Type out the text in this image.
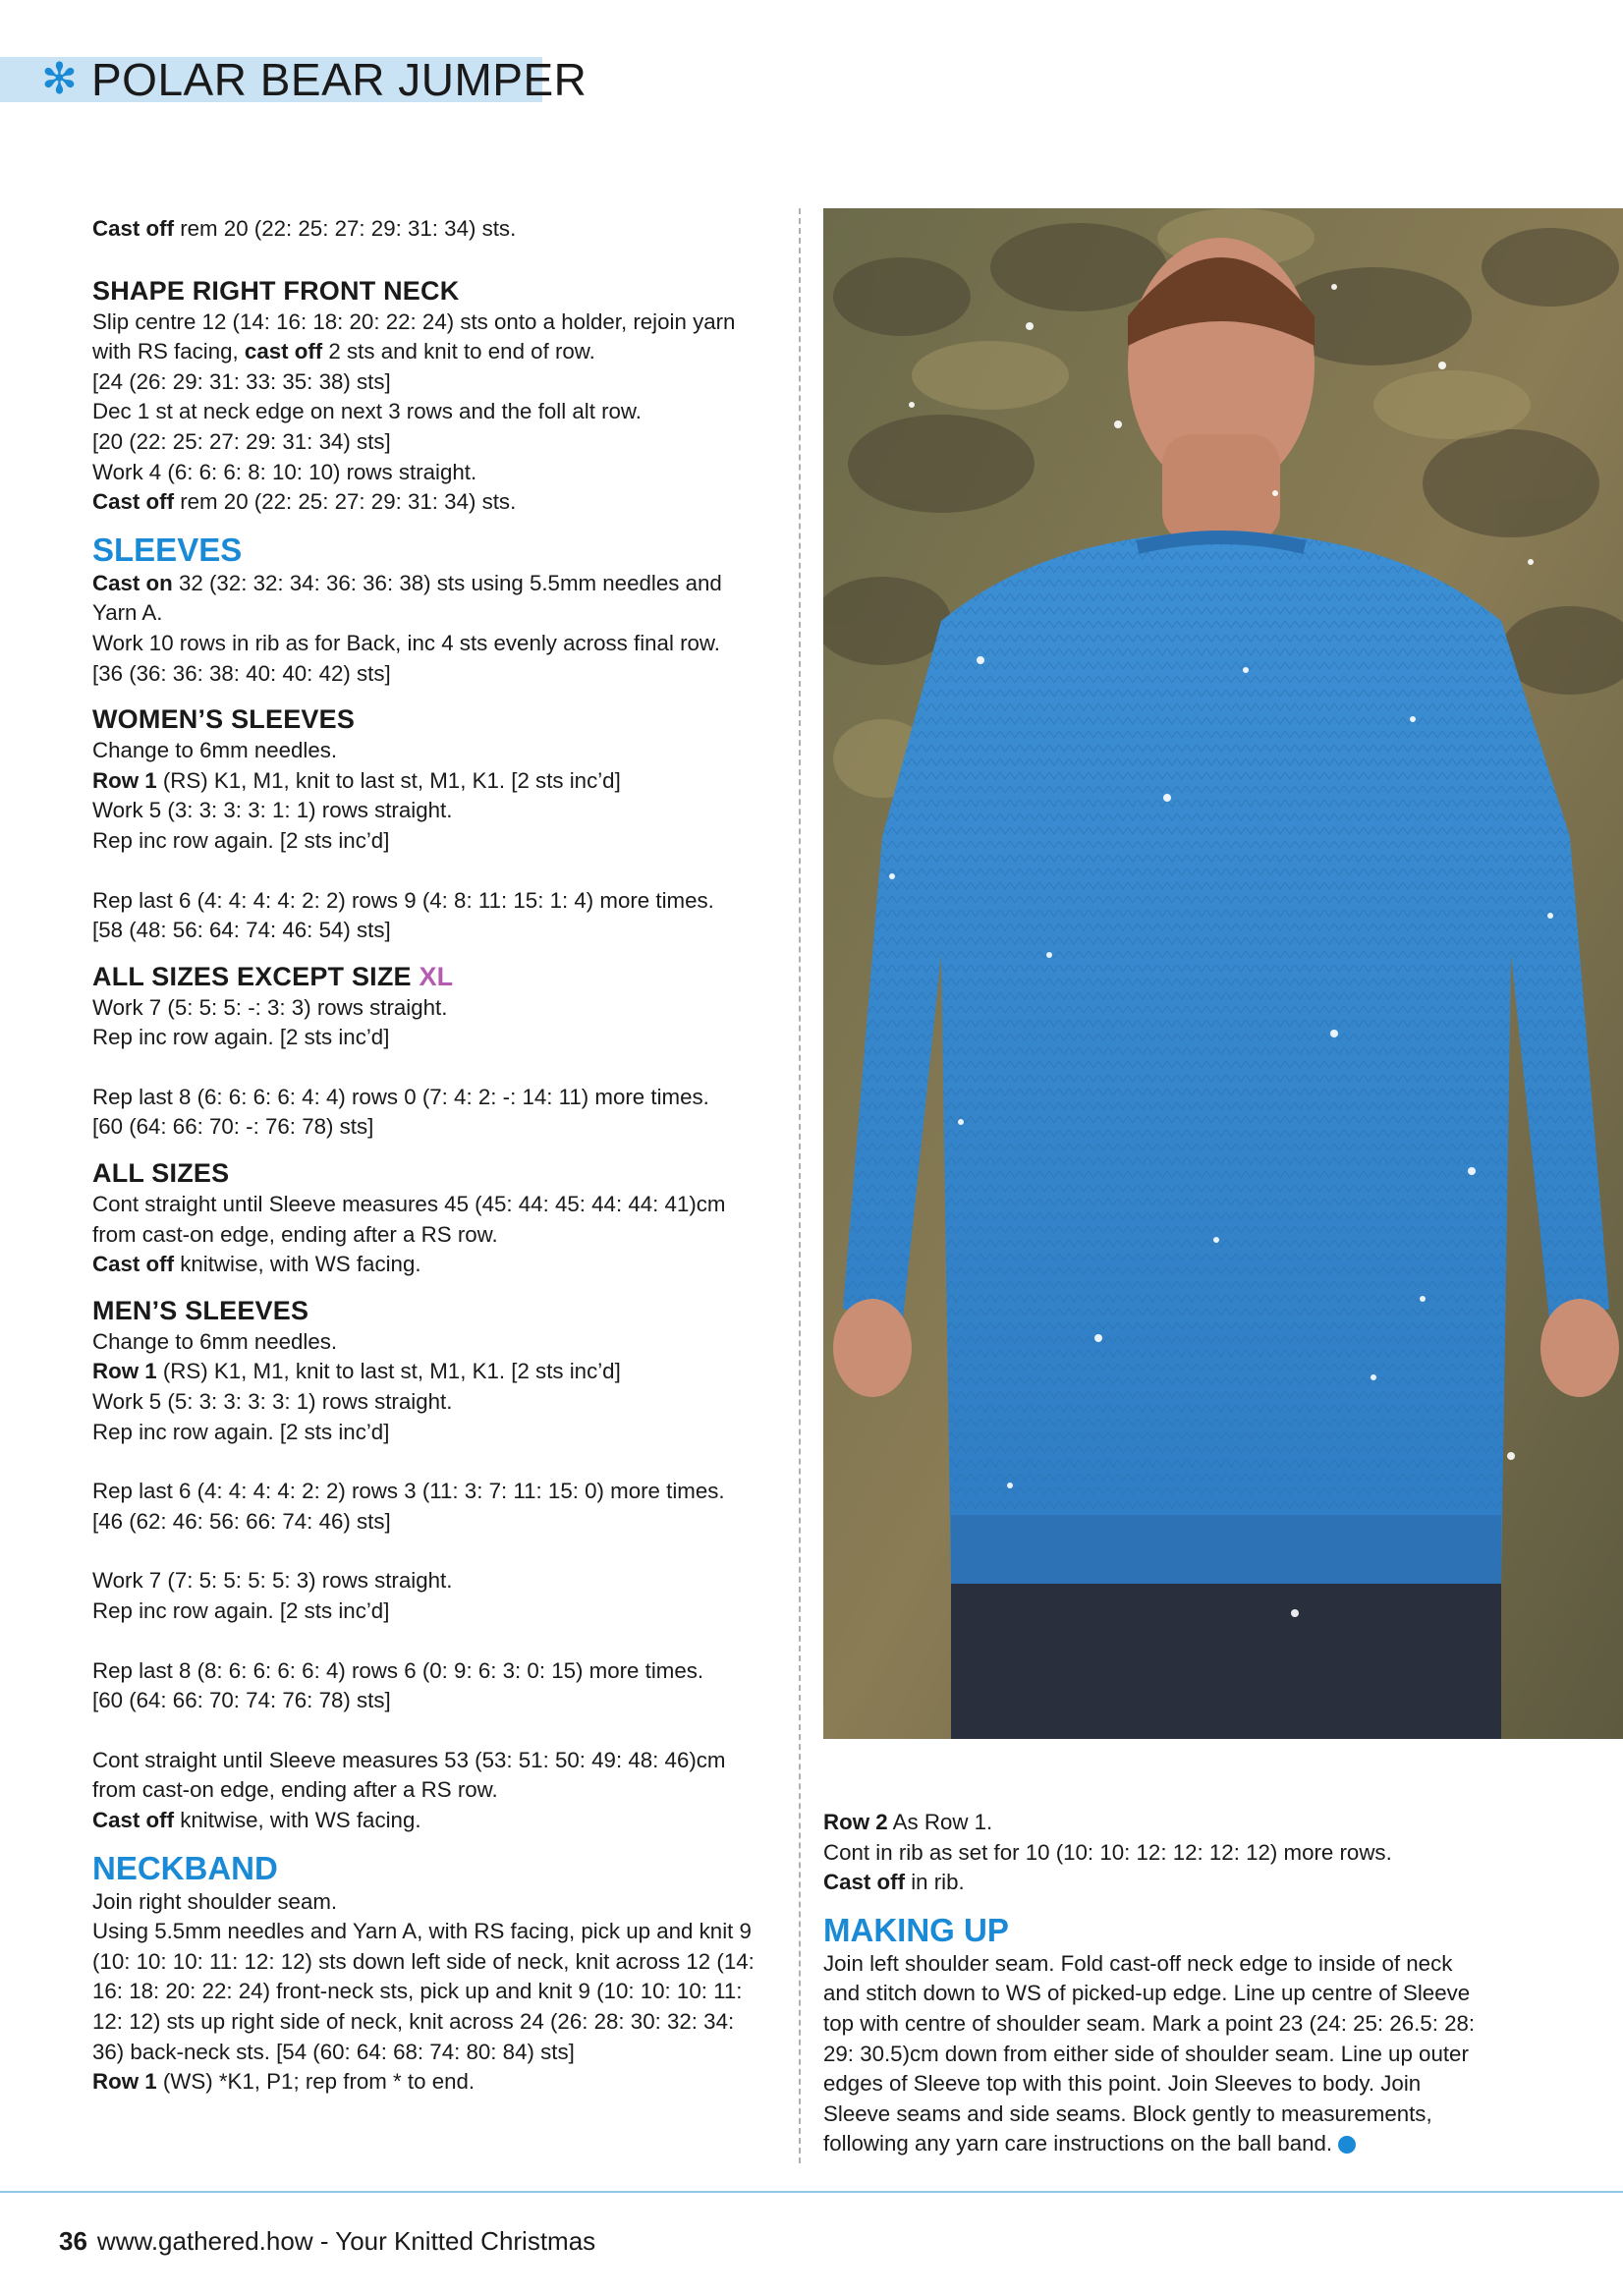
✻ POLAR BEAR JUMPER

Cast off rem 20 (22: 25: 27: 29: 31: 34) sts.

SHAPE RIGHT FRONT NECK

Slip centre 12 (14: 16: 18: 20: 22: 24) sts onto a holder, rejoin yarn

with RS facing, cast off 2 sts and knit to end of row.

[24 (26: 29: 31: 33: 35: 38) sts]

Dec 1 st at neck edge on next 3 rows and the foll alt row.

[20 (22: 25: 27: 29: 31: 34) sts]

Work 4 (6: 6: 6: 8: 10: 10) rows straight.

Cast off rem 20 (22: 25: 27: 29: 31: 34) sts.

SLEEVES

Cast on 32 (32: 32: 34: 36: 36: 38) sts using 5.5mm needles and

Yarn A.

Work 10 rows in rib as for Back, inc 4 sts evenly across final row.

[36 (36: 36: 38: 40: 40: 42) sts]

WOMEN’S SLEEVES

Change to 6mm needles.

Row 1 (RS) K1, M1, knit to last st, M1, K1. [2 sts inc’d]

Work 5 (3: 3: 3: 3: 1: 1) rows straight.

Rep inc row again. [2 sts inc’d]

Rep last 6 (4: 4: 4: 4: 2: 2) rows 9 (4: 8: 11: 15: 1: 4) more times.

[58 (48: 56: 64: 74: 46: 54) sts]

ALL SIZES EXCEPT SIZE XL

Work 7 (5: 5: 5: -: 3: 3) rows straight.

Rep inc row again. [2 sts inc’d]

Rep last 8 (6: 6: 6: 6: 4: 4) rows 0 (7: 4: 2: -: 14: 11) more times.

[60 (64: 66: 70: -: 76: 78) sts]

ALL SIZES

Cont straight until Sleeve measures 45 (45: 44: 45: 44: 44: 41)cm

from cast-on edge, ending after a RS row.

Cast off knitwise, with WS facing.

MEN’S SLEEVES

Change to 6mm needles.

Row 1 (RS) K1, M1, knit to last st, M1, K1. [2 sts inc’d]

Work 5 (5: 3: 3: 3: 3: 1) rows straight.

Rep inc row again. [2 sts inc’d]

Rep last 6 (4: 4: 4: 4: 2: 2) rows 3 (11: 3: 7: 11: 15: 0) more times.

[46 (62: 46: 56: 66: 74: 46) sts]

Work 7 (7: 5: 5: 5: 5: 3) rows straight.

Rep inc row again. [2 sts inc’d]

Rep last 8 (8: 6: 6: 6: 6: 4) rows 6 (0: 9: 6: 3: 0: 15) more times.

[60 (64: 66: 70: 74: 76: 78) sts]

Cont straight until Sleeve measures 53 (53: 51: 50: 49: 48: 46)cm

from cast-on edge, ending after a RS row.

Cast off knitwise, with WS facing.

NECKBAND

Join right shoulder seam.

Using 5.5mm needles and Yarn A, with RS facing, pick up and knit 9

(10: 10: 10: 11: 12: 12) sts down left side of neck, knit across 12 (14:

16: 18: 20: 22: 24) front-neck sts, pick up and knit 9 (10: 10: 10: 11:

12: 12) sts up right side of neck, knit across 24 (26: 28: 30: 32: 34:

36) back-neck sts. [54 (60: 64: 68: 74: 80: 84) sts]

Row 1 (WS) *K1, P1; rep from * to end.

Row 2 As Row 1.

Cont in rib as set for 10 (10: 10: 12: 12: 12: 12) more rows.

Cast off in rib.

MAKING UP

Join left shoulder seam. Fold cast-off neck edge to inside of neck

and stitch down to WS of picked-up edge. Line up centre of Sleeve

top with centre of shoulder seam. Mark a point 23 (24: 25: 26.5: 28:

29: 30.5)cm down from either side of shoulder seam. Line up outer

edges of Sleeve top with this point. Join Sleeves to body. Join

Sleeve seams and side seams. Block gently to measurements,

following any yarn care instructions on the ball band.

36 www.gathered.how - Your Knitted Christmas
